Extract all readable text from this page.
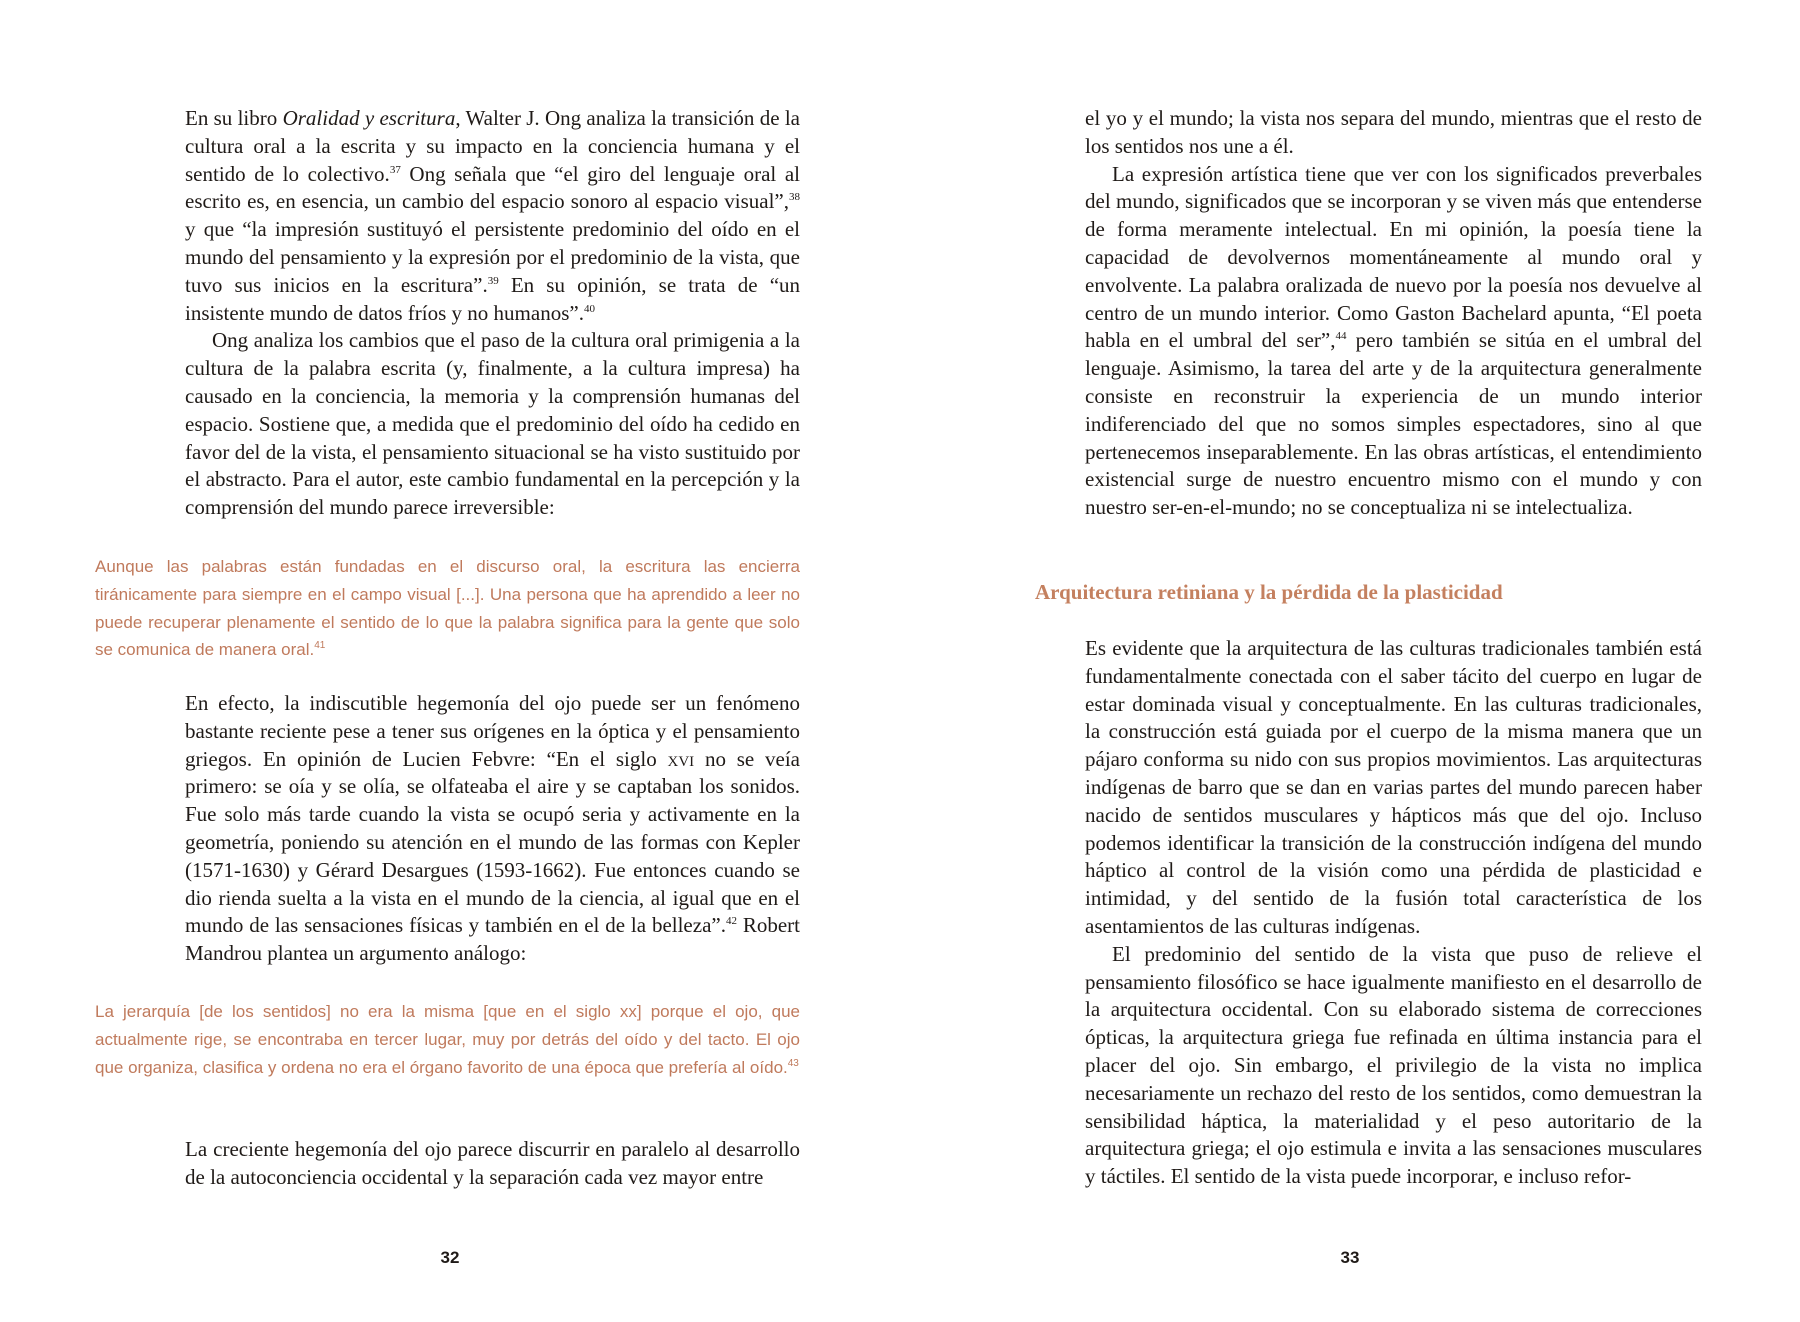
En su libro Oralidad y escritura, Walter J. Ong analiza la transición de la cultura oral a la escrita y su impacto en la conciencia humana y el sentido de lo colectivo.$^{37}$ Ong señala que “el giro del lenguaje oral al escrito es, en esencia, un cambio del espacio sonoro al espacio visual”,$^{38}$ y que “la impresión sustituyó el persistente predominio del oído en el mundo del pensamiento y la expresión por el predominio de la vista, que tuvo sus inicios en la escritura”.$^{39}$ En su opinión, se trata de “un insistente mundo de datos fríos y no humanos”.$^{40}$

Ong analiza los cambios que el paso de la cultura oral primigenia a la cultura de la palabra escrita (y, finalmente, a la cultura impresa) ha causado en la conciencia, la memoria y la comprensión humanas del espacio. Sostiene que, a medida que el predominio del oído ha cedido en favor del de la vista, el pensamiento situacional se ha visto sustituido por el abstracto. Para el autor, este cambio fundamental en la percepción y la comprensión del mundo parece irreversible:

Aunque las palabras están fundadas en el discurso oral, la escritura las encierra tiránicamente para siempre en el campo visual [...]. Una persona que ha aprendido a leer no puede recuperar plenamente el sentido de lo que la palabra significa para la gente que solo se comunica de manera oral.$^{41}$

En efecto, la indiscutible hegemonía del ojo puede ser un fenómeno bastante reciente pese a tener sus orígenes en la óptica y el pensamiento griegos. En opinión de Lucien Febvre: “En el siglo xvi no se veía primero: se oía y se olía, se olfateaba el aire y se captaban los sonidos. Fue solo más tarde cuando la vista se ocupó seria y activamente en la geometría, poniendo su atención en el mundo de las formas con Kepler (1571-1630) y Gérard Desargues (1593-1662). Fue entonces cuando se dio rienda suelta a la vista en el mundo de la ciencia, al igual que en el mundo de las sensaciones físicas y también en el de la belleza”.$^{42}$ Robert Mandrou plantea un argumento análogo:

La jerarquía [de los sentidos] no era la misma [que en el siglo xx] porque el ojo, que actualmente rige, se encontraba en tercer lugar, muy por detrás del oído y del tacto. El ojo que organiza, clasifica y ordena no era el órgano favorito de una época que prefería al oído.$^{43}$

La creciente hegemonía del ojo parece discurrir en paralelo al desarrollo de la autoconciencia occidental y la separación cada vez mayor entre

32

el yo y el mundo; la vista nos separa del mundo, mientras que el resto de los sentidos nos une a él.

La expresión artística tiene que ver con los significados preverbales del mundo, significados que se incorporan y se viven más que entenderse de forma meramente intelectual. En mi opinión, la poesía tiene la capacidad de devolvernos momentáneamente al mundo oral y envolvente. La palabra oralizada de nuevo por la poesía nos devuelve al centro de un mundo interior. Como Gaston Bachelard apunta, “El poeta habla en el umbral del ser”,$^{44}$ pero también se sitúa en el umbral del lenguaje. Asimismo, la tarea del arte y de la arquitectura generalmente consiste en reconstruir la experiencia de un mundo interior indiferenciado del que no somos simples espectadores, sino al que pertenecemos inseparablemente. En las obras artísticas, el entendimiento existencial surge de nuestro encuentro mismo con el mundo y con nuestro ser-en-el-mundo; no se conceptualiza ni se intelectualiza.

Arquitectura retiniana y la pérdida de la plasticidad

Es evidente que la arquitectura de las culturas tradicionales también está fundamentalmente conectada con el saber tácito del cuerpo en lugar de estar dominada visual y conceptualmente. En las culturas tradicionales, la construcción está guiada por el cuerpo de la misma manera que un pájaro conforma su nido con sus propios movimientos. Las arquitecturas indígenas de barro que se dan en varias partes del mundo parecen haber nacido de sentidos musculares y hápticos más que del ojo. Incluso podemos identificar la transición de la construcción indígena del mundo háptico al control de la visión como una pérdida de plasticidad e intimidad, y del sentido de la fusión total característica de los asentamientos de las culturas indígenas.

El predominio del sentido de la vista que puso de relieve el pensamiento filosófico se hace igualmente manifiesto en el desarrollo de la arquitectura occidental. Con su elaborado sistema de correcciones ópticas, la arquitectura griega fue refinada en última instancia para el placer del ojo. Sin embargo, el privilegio de la vista no implica necesariamente un rechazo del resto de los sentidos, como demuestran la sensibilidad háptica, la materialidad y el peso autoritario de la arquitectura griega; el ojo estimula e invita a las sensaciones musculares y táctiles. El sentido de la vista puede incorporar, e incluso refor-

33
